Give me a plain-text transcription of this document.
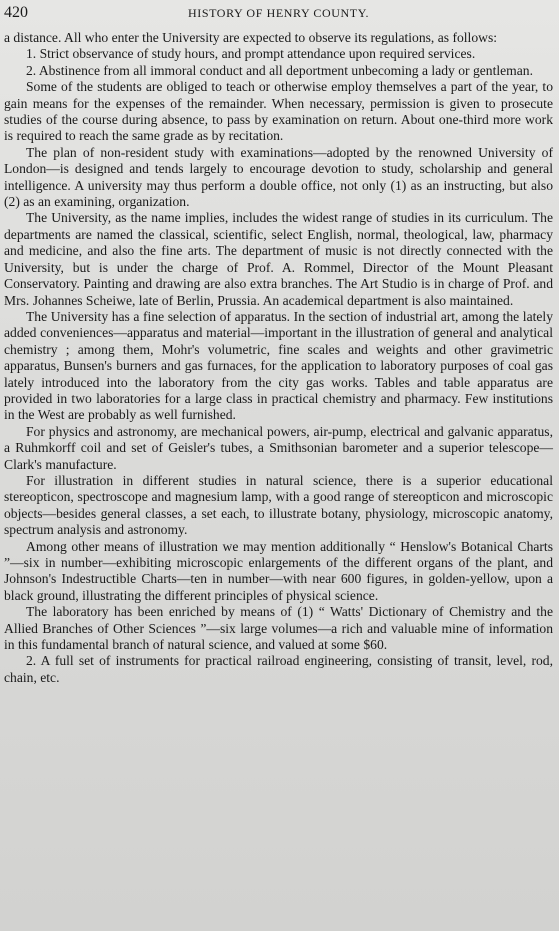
420	HISTORY OF HENRY COUNTY.

a distance. All who enter the University are expected to observe its regulations, as follows:

1. Strict observance of study hours, and prompt attendance upon required services.

2. Abstinence from all immoral conduct and all deportment unbecoming a lady or gentleman.

Some of the students are obliged to teach or otherwise employ themselves a part of the year, to gain means for the expenses of the remainder. When necessary, permission is given to prosecute studies of the course during absence, to pass by examination on return. About one-third more work is required to reach the same grade as by recitation.

The plan of non-resident study with examinations—adopted by the renowned University of London—is designed and tends largely to encourage devotion to study, scholarship and general intelligence. A university may thus perform a double office, not only (1) as an instructing, but also (2) as an examining, organization.

The University, as the name implies, includes the widest range of studies in its curriculum. The departments are named the classical, scientific, select English, normal, theological, law, pharmacy and medicine, and also the fine arts. The department of music is not directly connected with the University, but is under the charge of Prof. A. Rommel, Director of the Mount Pleasant Conservatory. Painting and drawing are also extra branches. The Art Studio is in charge of Prof. and Mrs. Johannes Scheiwe, late of Berlin, Prussia. An academical department is also maintained.

The University has a fine selection of apparatus. In the section of industrial art, among the lately added conveniences—apparatus and material—important in the illustration of general and analytical chemistry ; among them, Mohr's volumetric, fine scales and weights and other gravimetric apparatus, Bunsen's burners and gas furnaces, for the application to laboratory purposes of coal gas lately introduced into the laboratory from the city gas works. Tables and table apparatus are provided in two laboratories for a large class in practical chemistry and pharmacy. Few institutions in the West are probably as well furnished.

For physics and astronomy, are mechanical powers, air-pump, electrical and galvanic apparatus, a Ruhmkorff coil and set of Geisler's tubes, a Smithsonian barometer and a superior telescope—Clark's manufacture.

For illustration in different studies in natural science, there is a superior educational stereopticon, spectroscope and magnesium lamp, with a good range of stereopticon and microscopic objects—besides general classes, a set each, to illustrate botany, physiology, microscopic anatomy, spectrum analysis and astronomy.

Among other means of illustration we may mention additionally “ Henslow's Botanical Charts ”—six in number—exhibiting microscopic enlargements of the different organs of the plant, and Johnson's Indestructible Charts—ten in number—with near 600 figures, in golden-yellow, upon a black ground, illustrating the different principles of physical science.

The laboratory has been enriched by means of (1) “ Watts' Dictionary of Chemistry and the Allied Branches of Other Sciences ”—six large volumes—a rich and valuable mine of information in this fundamental branch of natural science, and valued at some $60.

2. A full set of instruments for practical railroad engineering, consisting of transit, level, rod, chain, etc.
